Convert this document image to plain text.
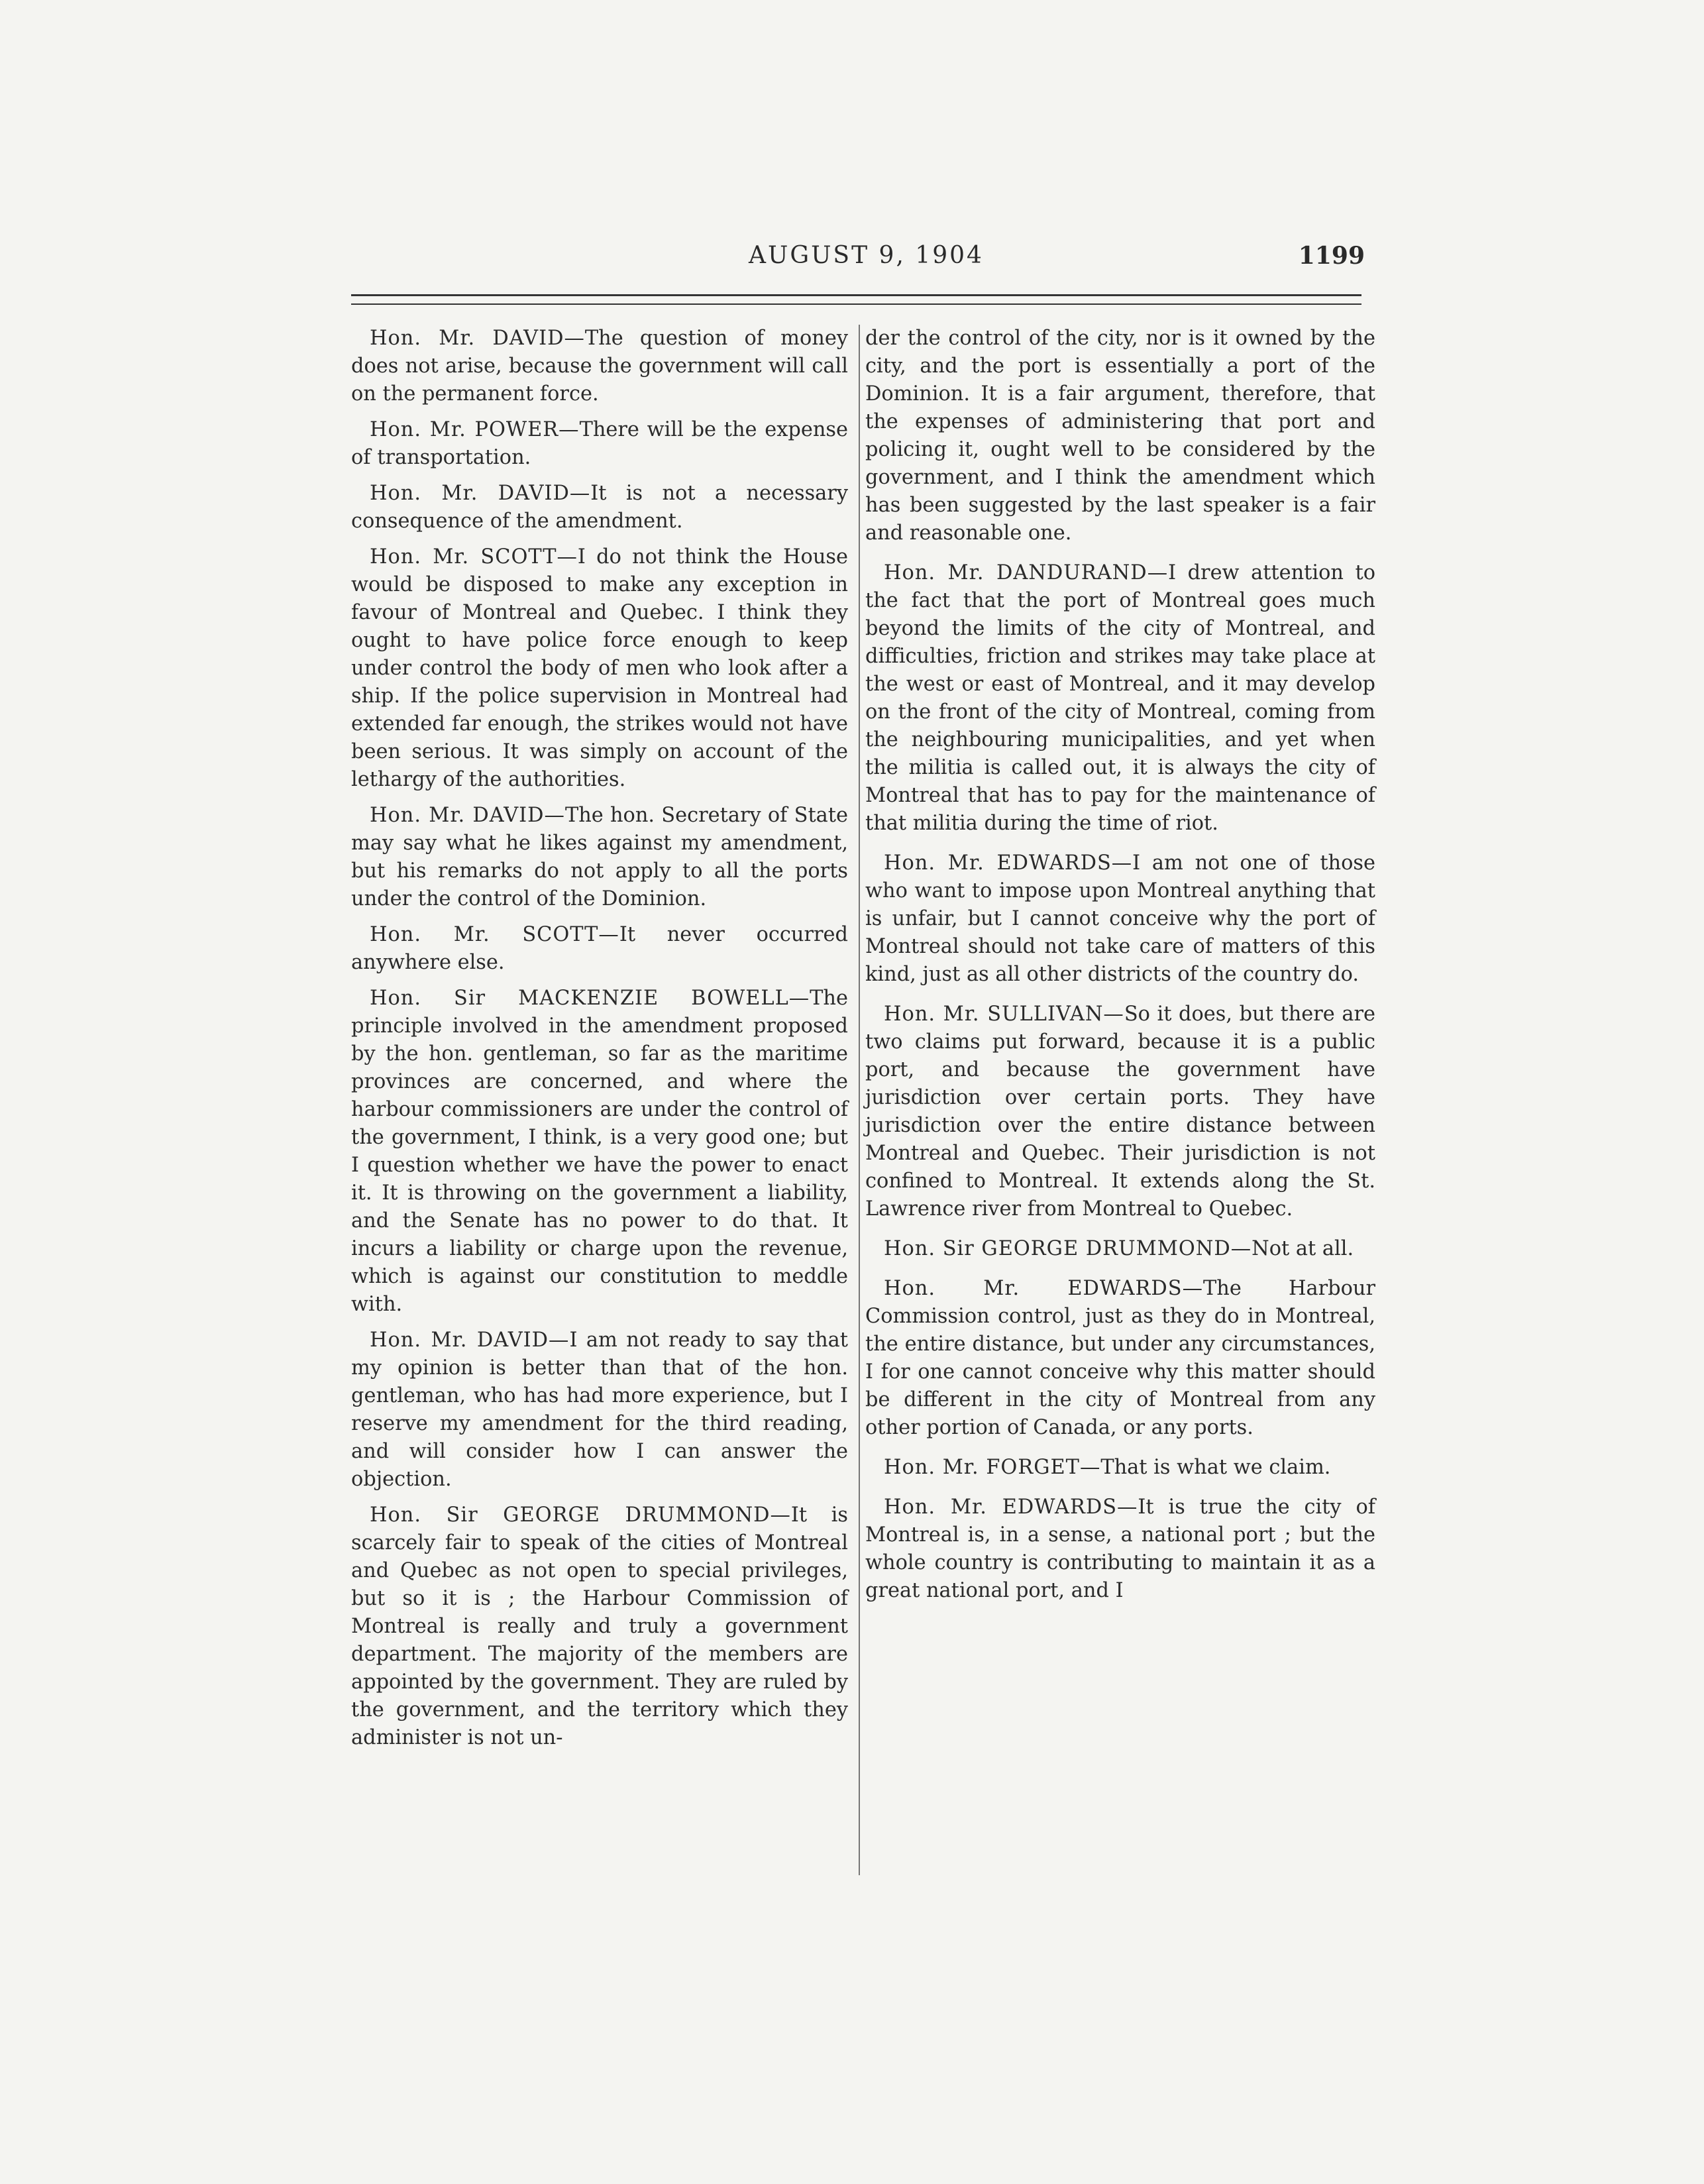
AUGUST 9, 1904	1199

Hon. Mr. DAVID — The question of money does not arise, because the government will call on the permanent force.

Hon. Mr. POWER — There will be the expense of transportation.

Hon. Mr. DAVID — It is not a necessary consequence of the amendment.

Hon. Mr. SCOTT — I do not think the House would be disposed to make any exception in favour of Montreal and Quebec. I think they ought to have police force enough to keep under control the body of men who look after a ship. If the police supervision in Montreal had extended far enough, the strikes would not have been serious. It was simply on account of the lethargy of the authorities.

Hon. Mr. DAVID — The hon. Secretary of State may say what he likes against my amendment, but his remarks do not apply to all the ports under the control of the Dominion.

Hon. Mr. SCOTT — It never occurred anywhere else.

Hon. Sir MACKENZIE BOWELL — The principle involved in the amendment proposed by the hon. gentleman, so far as the maritime provinces are concerned, and where the harbour commissioners are under the control of the government, I think, is a very good one; but I question whether we have the power to enact it. It is throwing on the government a liability, and the Senate has no power to do that. It incurs a liability or charge upon the revenue, which is against our constitution to meddle with.

Hon. Mr. DAVID — I am not ready to say that my opinion is better than that of the hon. gentleman, who has had more experience, but I reserve my amendment for the third reading, and will consider how I can answer the objection.

Hon. Sir GEORGE DRUMMOND — It is scarcely fair to speak of the cities of Montreal and Quebec as not open to special privileges, but so it is ; the Harbour Commission of Montreal is really and truly a government department. The majority of the members are appointed by the government. They are ruled by the government, and the territory which they administer is not un-

der the control of the city, nor is it owned by the city, and the port is essentially a port of the Dominion. It is a fair argument, therefore, that the expenses of administering that port and policing it, ought well to be considered by the government, and I think the amendment which has been suggested by the last speaker is a fair and reasonable one.

Hon. Mr. DANDURAND — I drew attention to the fact that the port of Montreal goes much beyond the limits of the city of Montreal, and difficulties, friction and strikes may take place at the west or east of Montreal, and it may develop on the front of the city of Montreal, coming from the neighbouring municipalities, and yet when the militia is called out, it is always the city of Montreal that has to pay for the maintenance of that militia during the time of riot.

Hon. Mr. EDWARDS — I am not one of those who want to impose upon Montreal anything that is unfair, but I cannot conceive why the port of Montreal should not take care of matters of this kind, just as all other districts of the country do.

Hon. Mr. SULLIVAN — So it does, but there are two claims put forward, because it is a public port, and because the government have jurisdiction over certain ports. They have jurisdiction over the entire distance between Montreal and Quebec. Their jurisdiction is not confined to Montreal. It extends along the St. Lawrence river from Montreal to Quebec.

Hon. Sir GEORGE DRUMMOND — Not at all.

Hon. Mr. EDWARDS — The Harbour Commission control, just as they do in Montreal, the entire distance, but under any circumstances, I for one cannot conceive why this matter should be different in the city of Montreal from any other portion of Canada, or any ports.

Hon. Mr. FORGET — That is what we claim.

Hon. Mr. EDWARDS — It is true the city of Montreal is, in a sense, a national port ; but the whole country is contributing to maintain it as a great national port, and I
